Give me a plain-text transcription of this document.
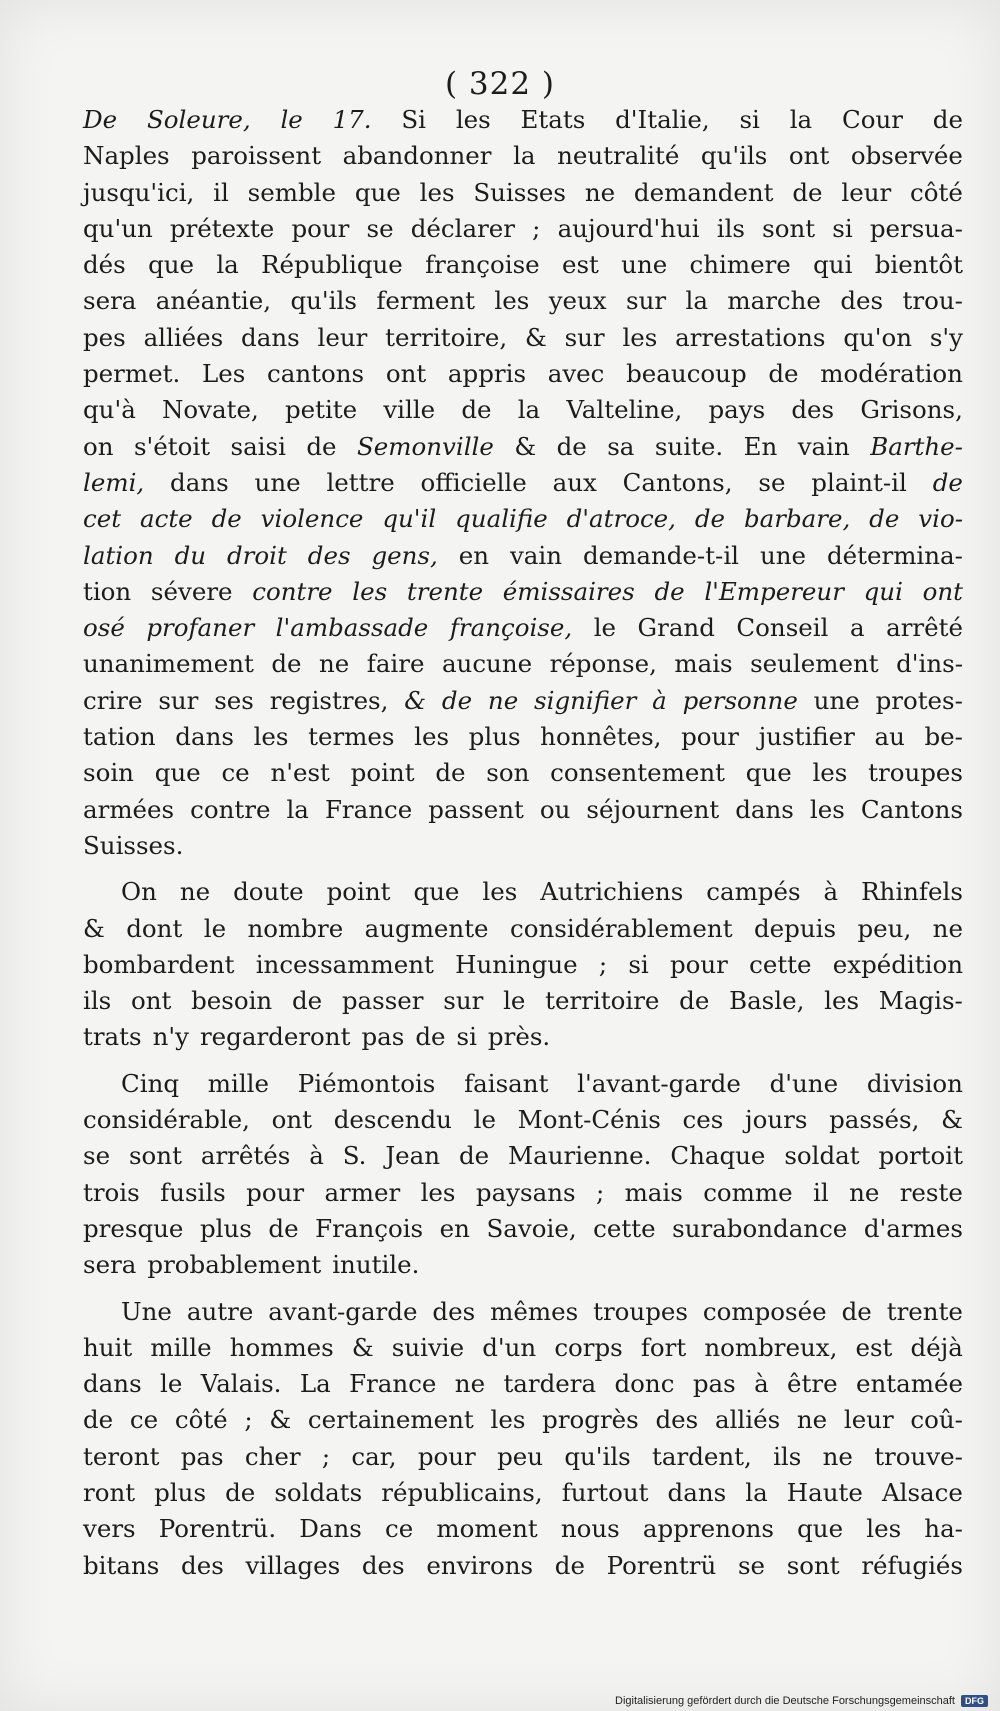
( 322 )
De Soleure, le 17. Si les Etats d'Italie, si la Cour de
Naples paroissent abandonner la neutralité qu'ils ont observée
jusqu'ici, il semble que les Suisses ne demandent de leur côté
qu'un prétexte pour se déclarer ; aujourd'hui ils sont si persua-
dés que la République françoise est une chimere qui bientôt
sera anéantie, qu'ils ferment les yeux sur la marche des trou-
pes alliées dans leur territoire, & sur les arrestations qu'on s'y
permet. Les cantons ont appris avec beaucoup de modération
qu'à Novate, petite ville de la Valteline, pays des Grisons,
on s'étoit saisi de Semonville & de sa suite. En vain Barthe-
lemi, dans une lettre officielle aux Cantons, se plaint-il de
cet acte de violence qu'il qualifie d'atroce, de barbare, de vio-
lation du droit des gens, en vain demande-t-il une détermina-
tion sévere contre les trente émissaires de l'Empereur qui ont
osé profaner l'ambassade françoise, le Grand Conseil a arrêté
unanimement de ne faire aucune réponse, mais seulement d'ins-
crire sur ses registres, & de ne signifier à personne une protes-
tation dans les termes les plus honnêtes, pour justifier au be-
soin que ce n'est point de son consentement que les troupes
armées contre la France passent ou séjournent dans les Cantons
Suisses.
On ne doute point que les Autrichiens campés à Rhinfels
& dont le nombre augmente considérablement depuis peu, ne
bombardent incessamment Huningue ; si pour cette expédition
ils ont besoin de passer sur le territoire de Basle, les Magis-
trats n'y regarderont pas de si près.
Cinq mille Piémontois faisant l'avant-garde d'une division
considérable, ont descendu le Mont-Cénis ces jours passés, &
se sont arrêtés à S. Jean de Maurienne. Chaque soldat portoit
trois fusils pour armer les paysans ; mais comme il ne reste
presque plus de François en Savoie, cette surabondance d'armes
sera probablement inutile.
Une autre avant-garde des mêmes troupes composée de trente
huit mille hommes & suivie d'un corps fort nombreux, est déjà
dans le Valais. La France ne tardera donc pas à être entamée
de ce côté ; & certainement les progrès des alliés ne leur coû-
teront pas cher ; car, pour peu qu'ils tardent, ils ne trouve-
ront plus de soldats républicains, furtout dans la Haute Alsace
vers Porentrü. Dans ce moment nous apprenons que les ha-
bitans des villages des environs de Porentrü se sont réfugiés
Digitalisierung gefördert durch die Deutsche Forschungsgemeinschaft	DFG
